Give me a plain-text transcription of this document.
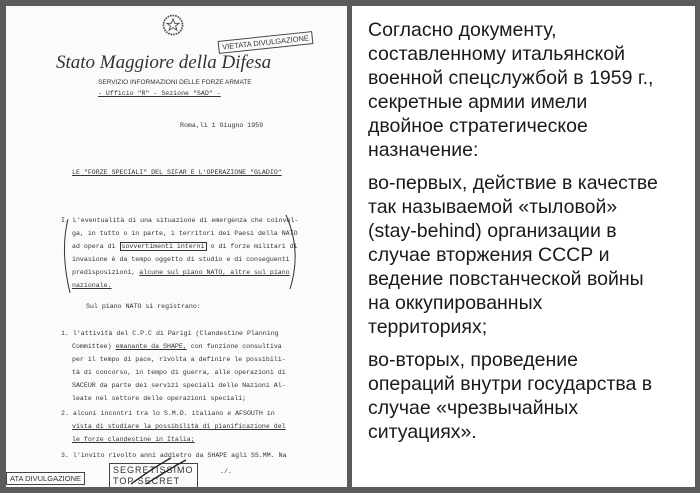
VIETATA DIVULGAZIONE
Stato Maggiore della Difesa
SERVIZIO INFORMAZIONI DELLE FORZE ARMATE
- Ufficio "R" - Sezione "SAD" -
Roma,li 1 Giugno 1959
LE "FORZE SPECIALI" DEL SIFAR E L'OPERAZIONE "GLADIO"
I. L'eventualità di una situazione di emergenza che coinvol-
ga, in tutto o in parte, i territori dei Paesi della NATO
ad opera di sovvertimenti interni o di forze militari di
invasione è da tempo oggetto di studio e di conseguenti
predisposizioni, alcune sul piano NATO, altre sul piano
nazionale.
Sul piano NATO si registrano:
1. l'attività del C.P.C di Parigi (Clandestine Planning
Committee) emanante da SHAPE, con funzione consultiva
per il tempo di pace, rivolta a definire le possibili-
tà di concorso, in tempo di guerra, alle operazioni di
SACEUR da parte dei servizi speciali delle Nazioni Al-
leate nel settore delle operazioni speciali;
2. alcuni incontri tra lo S.M.D. italiano e AFSOUTH in
vista di studiare la possibilità di pianificazione del
le forze clandestine in Italia;
3. l'invito rivolto anni addietro da SHAPE agli SS.MM. Na
./.
ATA DIVULGAZIONE
SEGRETISSIMO
TOP SECRET

Согласно документу,
составленному итальянской
военной спецслужбой в 1959 г.,
секретные армии имели
двойное стратегическое
назначение:

во-первых, действие в качестве
так называемой «тыловой»
(stay-behind) организации в
случае вторжения СССР и
ведение повстанческой войны
на оккупированных
территориях;

во-вторых, проведение
операций внутри государства в
случае «чрезвычайных
ситуациях».
